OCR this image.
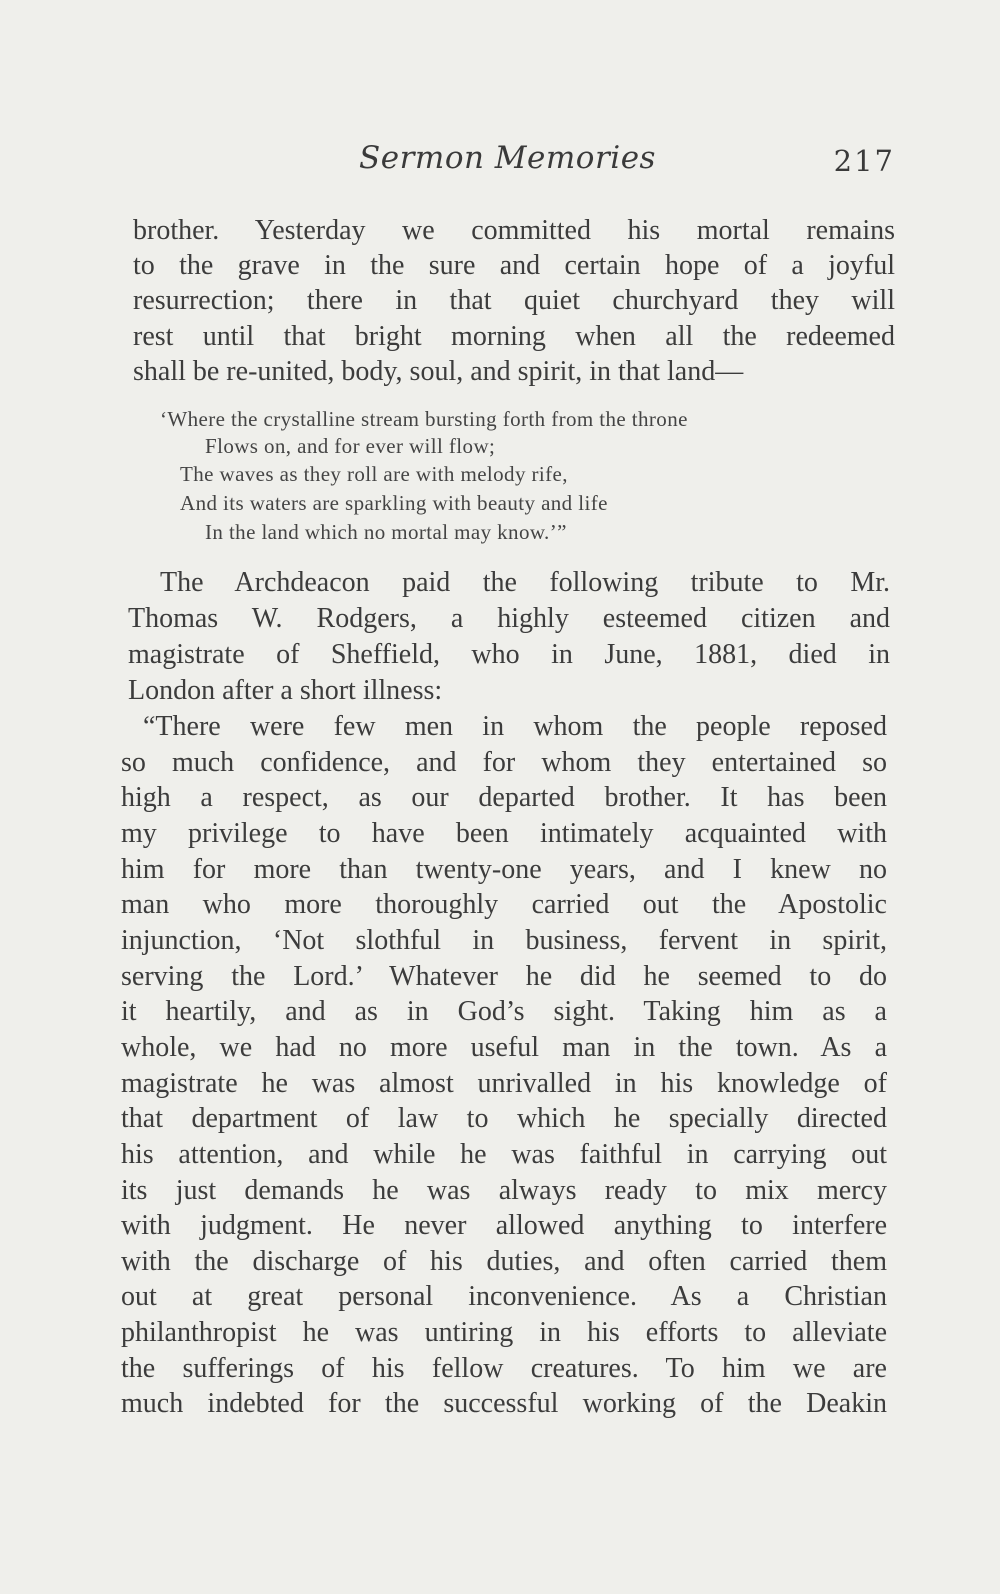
Sermon Memories	217
brother. Yesterday we committed his mortal remains
to the grave in the sure and certain hope of a joyful
resurrection; there in that quiet churchyard they will
rest until that bright morning when all the redeemed
shall be re-united, body, soul, and spirit, in that land—
‘Where the crystalline stream bursting forth from the throne
Flows on, and for ever will flow;
The waves as they roll are with melody rife,
And its waters are sparkling with beauty and life
In the land which no mortal may know.’”
The Archdeacon paid the following tribute to Mr.
Thomas W. Rodgers, a highly esteemed citizen and
magistrate of Sheffield, who in June, 1881, died in
London after a short illness:
“There were few men in whom the people reposed
so much confidence, and for whom they entertained so
high a respect, as our departed brother. It has been
my privilege to have been intimately acquainted with
him for more than twenty-one years, and I knew no
man who more thoroughly carried out the Apostolic
injunction, ‘Not slothful in business, fervent in spirit,
serving the Lord.’ Whatever he did he seemed to do
it heartily, and as in God’s sight. Taking him as a
whole, we had no more useful man in the town. As a
magistrate he was almost unrivalled in his knowledge of
that department of law to which he specially directed
his attention, and while he was faithful in carrying out
its just demands he was always ready to mix mercy
with judgment. He never allowed anything to interfere
with the discharge of his duties, and often carried them
out at great personal inconvenience. As a Christian
philanthropist he was untiring in his efforts to alleviate
the sufferings of his fellow creatures. To him we are
much indebted for the successful working of the Deakin
